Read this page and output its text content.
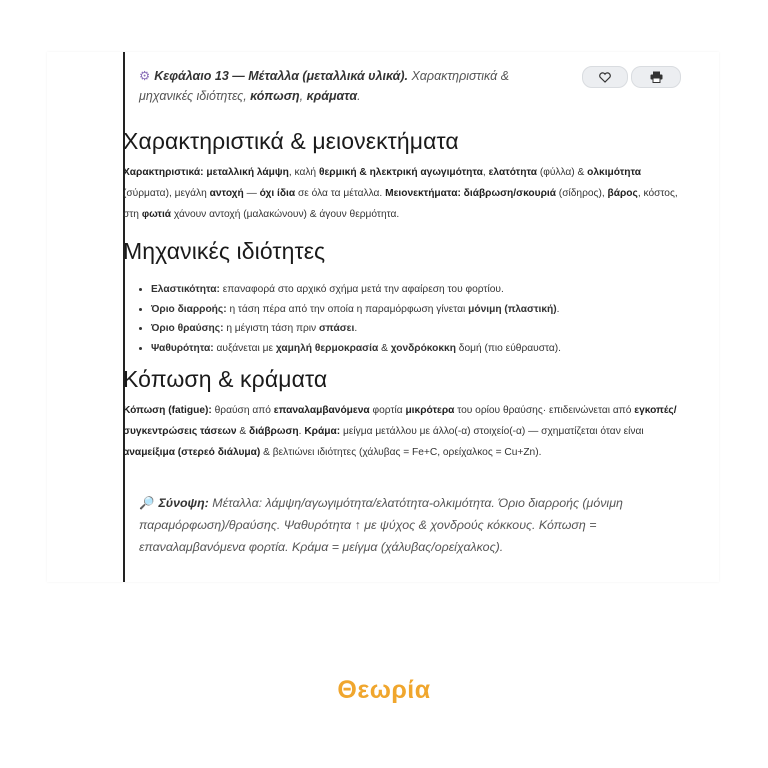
⚙ Κεφάλαιο 13 — Μέταλλα (μεταλλικά υλικά). Χαρακτηριστικά & μηχανικές ιδιότητες, κόπωση, κράματα.
Χαρακτηριστικά & μειονεκτήματα

Χαρακτηριστικά: μεταλλική λάμψη, καλή θερμική & ηλεκτρική αγωγιμότητα, ελατότητα (φύλλα) & ολκιμότητα (σύρματα), μεγάλη αντοχή — όχι ίδια σε όλα τα μέταλλα. Μειονεκτήματα: διάβρωση/σκουριά (σίδηρος), βάρος, κόστος, στη φωτιά χάνουν αντοχή (μαλακώνουν) & άγουν θερμότητα.

Μηχανικές ιδιότητες
• Ελαστικότητα: επαναφορά στο αρχικό σχήμα μετά την αφαίρεση του φορτίου.
• Όριο διαρροής: η τάση πέρα από την οποία η παραμόρφωση γίνεται μόνιμη (πλαστική).
• Όριο θραύσης: η μέγιστη τάση πριν σπάσει.
• Ψαθυρότητα: αυξάνεται με χαμηλή θερμοκρασία & χονδρόκοκκη δομή (πιο εύθραυστα).
Κόπωση & κράματα

Κόπωση (fatigue): θραύση από επαναλαμβανόμενα φορτία μικρότερα του ορίου θραύσης· επιδεινώνεται από εγκοπές/συγκεντρώσεις τάσεων & διάβρωση. Κράμα: μείγμα μετάλλου με άλλο(-α) στοιχείο(-α) — σχηματίζεται όταν είναι αναμείξιμα (στερεό διάλυμα) & βελτιώνει ιδιότητες (χάλυβας = Fe+C, ορείχαλκος = Cu+Zn).

🔎 Σύνοψη: Μέταλλα: λάμψη/αγωγιμότητα/ελατότητα-ολκιμότητα. Όριο διαρροής (μόνιμη παραμόρφωση)/θραύσης. Ψαθυρότητα ↑ με ψύχος & χονδρούς κόκκους. Κόπωση = επαναλαμβανόμενα φορτία. Κράμα = μείγμα (χάλυβας/ορείχαλκος).
Θεωρία
